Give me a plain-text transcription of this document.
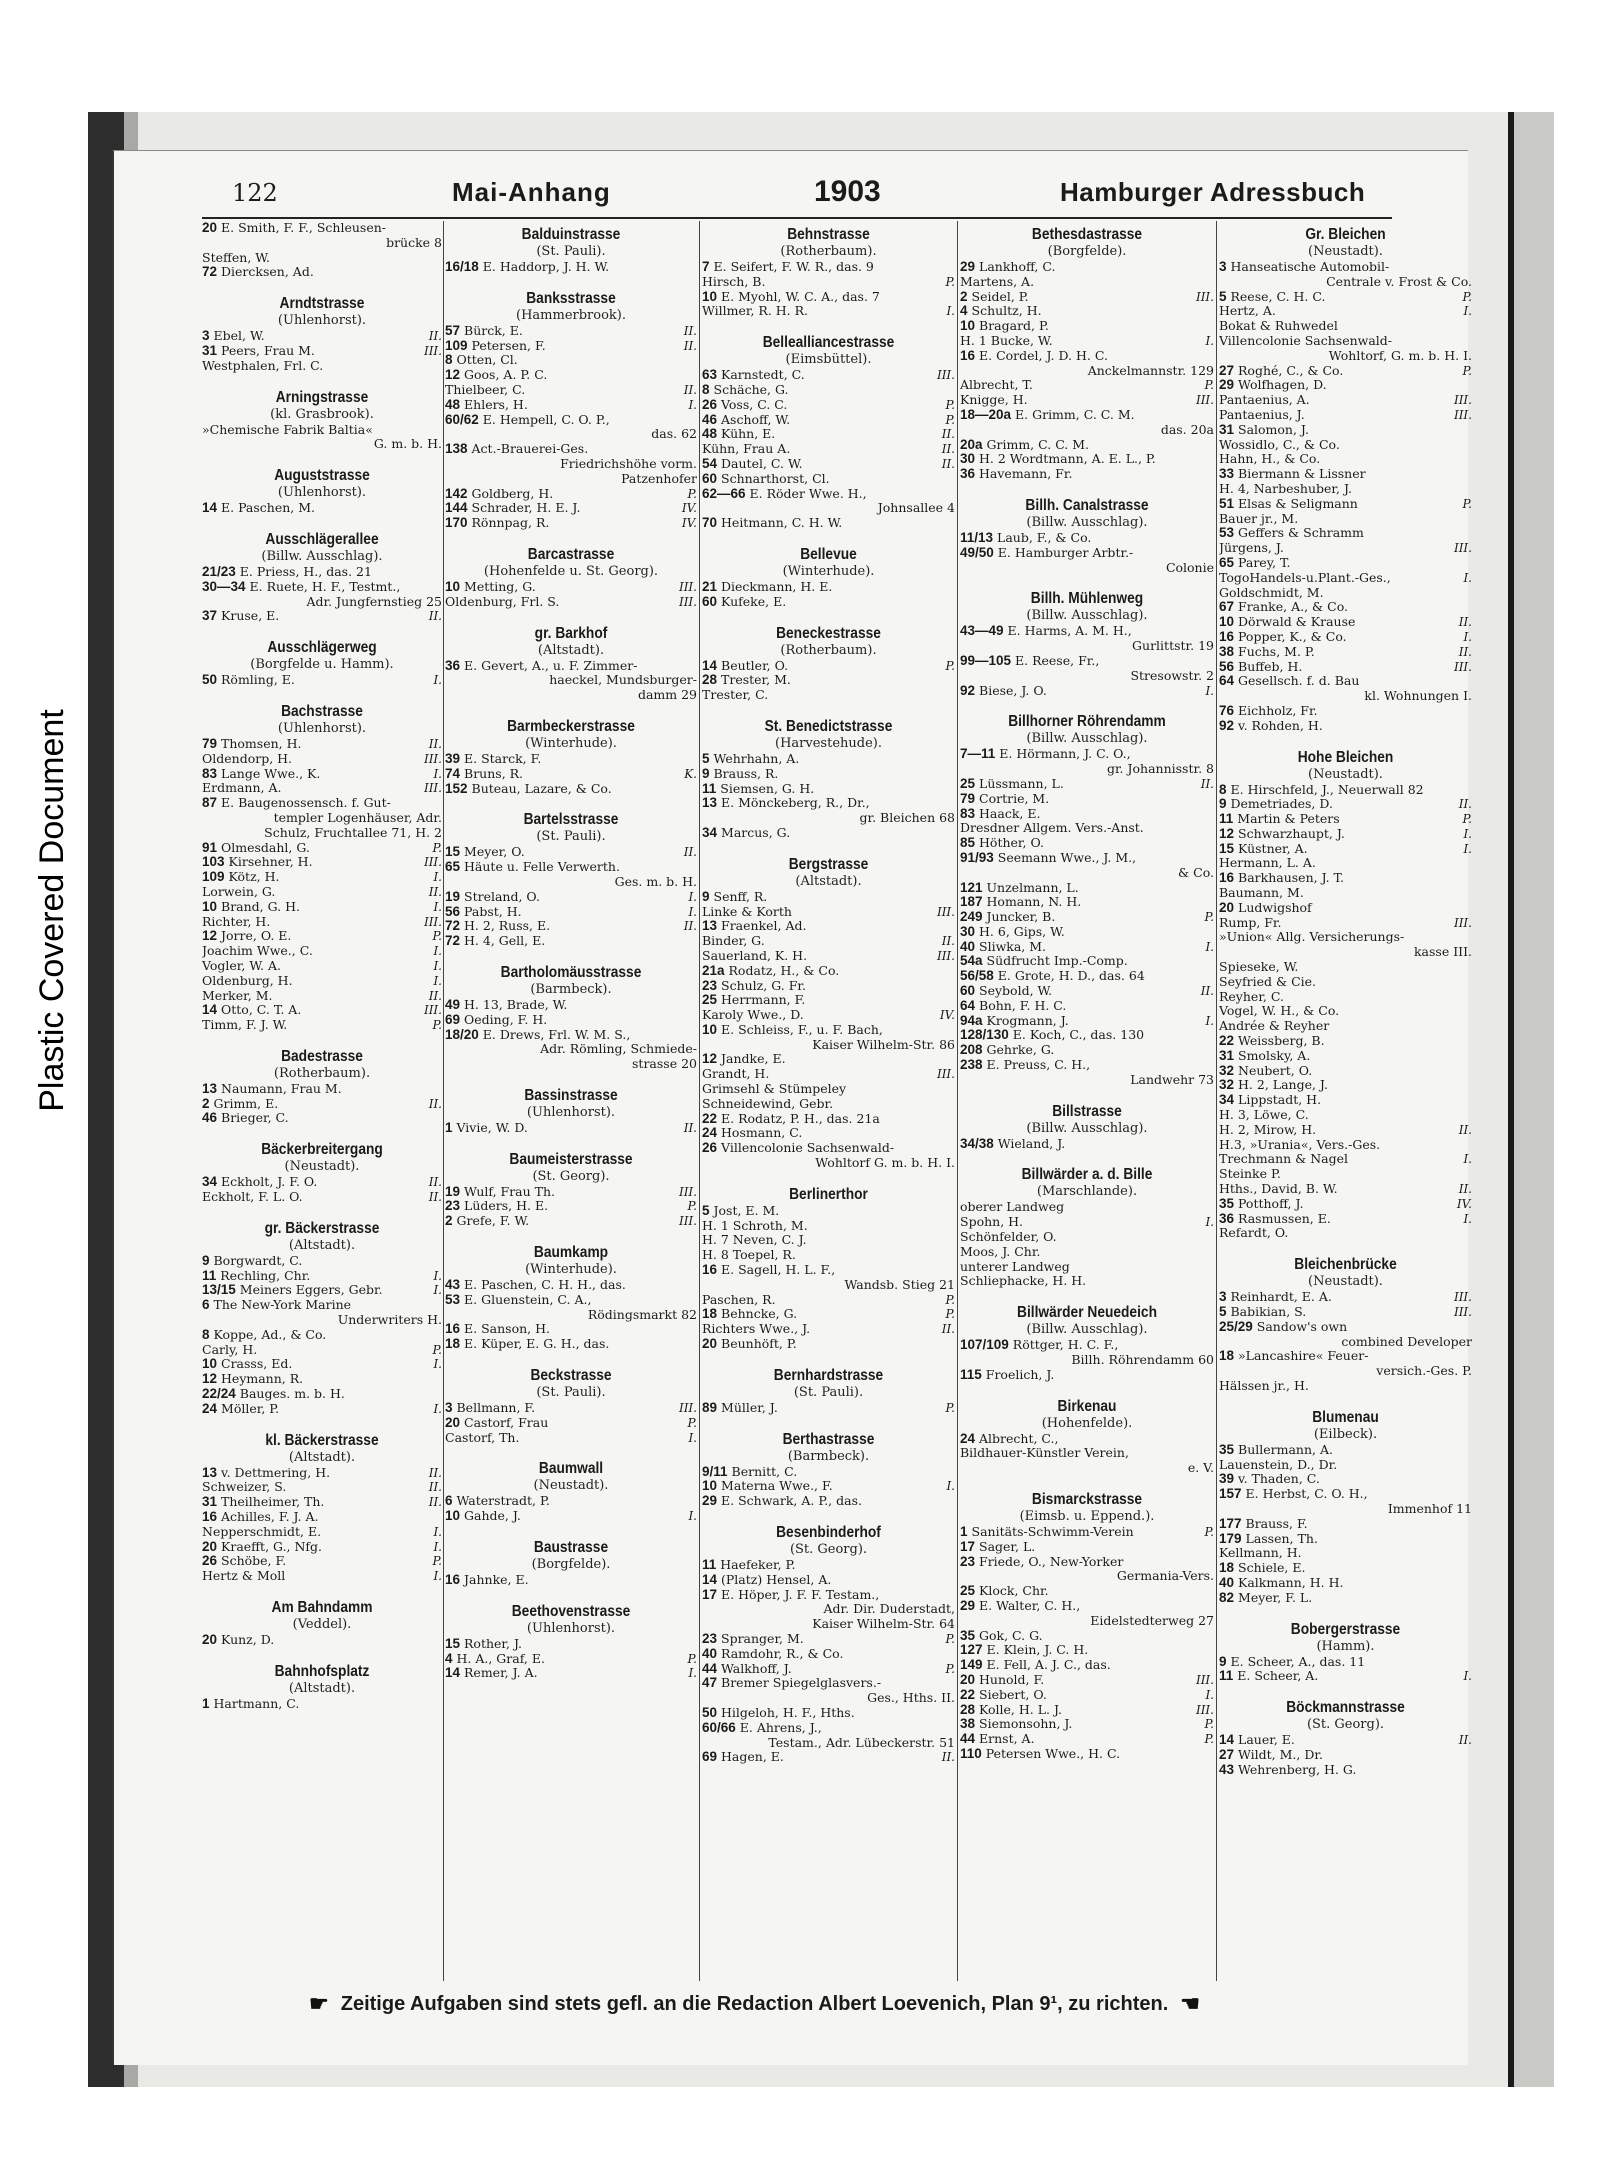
Plastic Covered Document
122	Mai-Anhang	1903	Hamburger Adressbuch
20 E. Smith, F. F., Schleusen-
brücke 8
Steffen, W.
72 Diercksen, Ad.
Arndtstrasse
(Uhlenhorst).
3 Ebel, W.	II.
31 Peers, Frau M.	III.
Westphalen, Frl. C.
Arningstrasse
(kl. Grasbrook).
»Chemische Fabrik Baltia«
G. m. b. H.
Auguststrasse
(Uhlenhorst).
14 E. Paschen, M.
Ausschlägerallee
(Billw. Ausschlag).
21/23 E. Priess, H., das. 21
30—34 E. Ruete, H. F., Testmt.,
Adr. Jungfernstieg 25
37 Kruse, E.	II.
Ausschlägerweg
(Borgfelde u. Hamm).
50 Römling, E.	I.
Bachstrasse
(Uhlenhorst).
79 Thomsen, H.	II.
Oldendorp, H.	III.
83 Lange Wwe., K.	I.
Erdmann, A.	III.
87 E. Baugenossensch. f. Gut-
templer Logenhäuser, Adr.
Schulz, Fruchtallee 71, H. 2
91 Olmesdahl, G.	P.
103 Kirsehner, H.	III.
109 Kötz, H.	I.
Lorwein, G.	II.
10 Brand, G. H.	I.
Richter, H.	III.
12 Jorre, O. E.	P.
Joachim Wwe., C.	I.
Vogler, W. A.	I.
Oldenburg, H.	I.
Merker, M.	II.
14 Otto, C. T. A.	III.
Timm, F. J. W.	P.
Badestrasse
(Rotherbaum).
13 Naumann, Frau M.
2 Grimm, E.	II.
46 Brieger, C.
Bäckerbreitergang
(Neustadt).
34 Eckholt, J. F. O.	II.
Eckholt, F. L. O.	II.
gr. Bäckerstrasse
(Altstadt).
9 Borgwardt, C.
11 Rechling, Chr.	I.
13/15 Meiners Eggers, Gebr.	I.
6 The New-York Marine
Underwriters H.
8 Koppe, Ad., & Co.
Carly, H.	P.
10 Crasss, Ed.	I.
12 Heymann, R.
22/24 Bauges. m. b. H.
24 Möller, P.	I.
kl. Bäckerstrasse
(Altstadt).
13 v. Dettmering, H.	II.
Schweizer, S.	II.
31 Theilheimer, Th.	II.
16 Achilles, F. J. A.
Nepperschmidt, E.	I.
20 Kraefft, G., Nfg.	I.
26 Schöbe, F.	P.
Hertz & Moll	I.
Am Bahndamm
(Veddel).
20 Kunz, D.
Bahnhofsplatz
(Altstadt).
1 Hartmann, C.
Balduinstrasse
(St. Pauli).
16/18 E. Haddorp, J. H. W.
Banksstrasse
(Hammerbrook).
57 Bürck, E.	II.
109 Petersen, F.	II.
8 Otten, Cl.
12 Goos, A. P. C.
Thielbeer, C.	II.
48 Ehlers, H.	I.
60/62 E. Hempell, C. O. P.,
das. 62
138 Act.-Brauerei-Ges.
Friedrichshöhe vorm.
Patzenhofer
142 Goldberg, H.	P.
144 Schrader, H. E. J.	IV.
170 Rönnpag, R.	IV.
Barcastrasse
(Hohenfelde u. St. Georg).
10 Metting, G.	III.
Oldenburg, Frl. S.	III.
gr. Barkhof
(Altstadt).
36 E. Gevert, A., u. F. Zimmer-
haeckel, Mundsburger-
damm 29
Barmbeckerstrasse
(Winterhude).
39 E. Starck, F.
74 Bruns, R.	K.
152 Buteau, Lazare, & Co.
Bartelsstrasse
(St. Pauli).
15 Meyer, O.	II.
65 Häute u. Felle Verwerth.
Ges. m. b. H.
19 Streland, O.	I.
56 Pabst, H.	I.
72 H. 2, Russ, E.	II.
72 H. 4, Gell, E.
Bartholomäusstrasse
(Barmbeck).
49 H. 13, Brade, W.
69 Oeding, F. H.
18/20 E. Drews, Frl. W. M. S.,
Adr. Römling, Schmiede-
strasse 20
Bassinstrasse
(Uhlenhorst).
1 Vivie, W. D.	II.
Baumeisterstrasse
(St. Georg).
19 Wulf, Frau Th.	III.
23 Lüders, H. E.	P.
2 Grefe, F. W.	III.
Baumkamp
(Winterhude).
43 E. Paschen, C. H. H., das.
53 E. Gluenstein, C. A.,
Rödingsmarkt 82
16 E. Sanson, H.
18 E. Küper, E. G. H., das.
Beckstrasse
(St. Pauli).
3 Bellmann, F.	III.
20 Castorf, Frau	P.
Castorf, Th.	I.
Baumwall
(Neustadt).
6 Waterstradt, P.
10 Gahde, J.	I.
Baustrasse
(Borgfelde).
16 Jahnke, E.
Beethovenstrasse
(Uhlenhorst).
15 Rother, J.
4 H. A., Graf, E.	P.
14 Remer, J. A.	I.
Behnstrasse
(Rotherbaum).
7 E. Seifert, F. W. R., das. 9
Hirsch, B.	P.
10 E. Myohl, W. C. A., das. 7
Willmer, R. H. R.	I.
Bellealliancestrasse
(Eimsbüttel).
63 Karnstedt, C.	III.
8 Schäche, G.
26 Voss, C. C.	P.
46 Aschoff, W.	P.
48 Kühn, E.	II.
Kühn, Frau A.	II.
54 Dautel, C. W.	II.
60 Schnarthorst, Cl.
62—66 E. Röder Wwe. H.,
Johnsallee 4
70 Heitmann, C. H. W.
Bellevue
(Winterhude).
21 Dieckmann, H. E.
60 Kufeke, E.
Beneckestrasse
(Rotherbaum).
14 Beutler, O.	P.
28 Trester, M.
Trester, C.
St. Benedictstrasse
(Harvestehude).
5 Wehrhahn, A.
9 Brauss, R.
11 Siemsen, G. H.
13 E. Mönckeberg, R., Dr.,
gr. Bleichen 68
34 Marcus, G.
Bergstrasse
(Altstadt).
9 Senff, R.
Linke & Korth	III.
13 Fraenkel, Ad.
Binder, G.	II.
Sauerland, K. H.	III.
21a Rodatz, H., & Co.
23 Schulz, G. Fr.
25 Herrmann, F.
Karoly Wwe., D.	IV.
10 E. Schleiss, F., u. F. Bach,
Kaiser Wilhelm-Str. 86
12 Jandke, E.
Grandt, H.	III.
Grimsehl & Stümpeley
Schneidewind, Gebr.
22 E. Rodatz, P. H., das. 21a
24 Hosmann, C.
26 Villencolonie Sachsenwald-
Wohltorf G. m. b. H. I.
Berlinerthor
5 Jost, E. M.
H. 1 Schroth, M.
H. 7 Neven, C. J.
H. 8 Toepel, R.
16 E. Sagell, H. L. F.,
Wandsb. Stieg 21
Paschen, R.	P.
18 Behncke, G.	P.
Richters Wwe., J.	II.
20 Beunhöft, P.
Bernhardstrasse
(St. Pauli).
89 Müller, J.	P.
Berthastrasse
(Barmbeck).
9/11 Bernitt, C.
10 Materna Wwe., F.	I.
29 E. Schwark, A. P., das.
Besenbinderhof
(St. Georg).
11 Haefeker, P.
14 (Platz) Hensel, A.
17 E. Höper, J. F. F. Testam.,
Adr. Dir. Duderstadt,
Kaiser Wilhelm-Str. 64
23 Spranger, M.	P.
40 Ramdohr, R., & Co.
44 Walkhoff, J.	P.
47 Bremer Spiegelglasvers.-
Ges., Hths. II.
50 Hilgeloh, H. F., Hths.
60/66 E. Ahrens, J.,
Testam., Adr. Lübeckerstr. 51
69 Hagen, E.	II.
Bethesdastrasse
(Borgfelde).
29 Lankhoff, C.
Martens, A.
2 Seidel, P.	III.
4 Schultz, H.
10 Bragard, P.
H. 1 Bucke, W.	I.
16 E. Cordel, J. D. H. C.
Anckelmannstr. 129
Albrecht, T.	P.
Knigge, H.	III.
18—20a E. Grimm, C. C. M.
das. 20a
20a Grimm, C. C. M.
30 H. 2 Wordtmann, A. E. L., P.
36 Havemann, Fr.
Billh. Canalstrasse
(Billw. Ausschlag).
11/13 Laub, F., & Co.
49/50 E. Hamburger Arbtr.-
Colonie
Billh. Mühlenweg
(Billw. Ausschlag).
43—49 E. Harms, A. M. H.,
Gurlittstr. 19
99—105 E. Reese, Fr.,
Stresowstr. 2
92 Biese, J. O.	I.
Billhorner Röhrendamm
(Billw. Ausschlag).
7—11 E. Hörmann, J. C. O.,
gr. Johannisstr. 8
25 Lüssmann, L.	II.
79 Cortrie, M.
83 Haack, E.
Dresdner Allgem. Vers.-Anst.
85 Höther, O.
91/93 Seemann Wwe., J. M.,
& Co.
121 Unzelmann, L.
187 Homann, N. H.
249 Juncker, B.	P.
30 H. 6, Gips, W.
40 Sliwka, M.	I.
54a Südfrucht Imp.-Comp.
56/58 E. Grote, H. D., das. 64
60 Seybold, W.	II.
64 Bohn, F. H. C.
94a Krogmann, J.	I.
128/130 E. Koch, C., das. 130
208 Gehrke, G.
238 E. Preuss, C. H.,
Landwehr 73
Billstrasse
(Billw. Ausschlag).
34/38 Wieland, J.
Billwärder a. d. Bille
(Marschlande).
oberer Landweg
Spohn, H.	I.
Schönfelder, O.
Moos, J. Chr.
unterer Landweg
Schliephacke, H. H.
Billwärder Neuedeich
(Billw. Ausschlag).
107/109 Röttger, H. C. F.,
Billh. Röhrendamm 60
115 Froelich, J.
Birkenau
(Hohenfelde).
24 Albrecht, C.,
Bildhauer-Künstler Verein,
e. V.
Bismarckstrasse
(Eimsb. u. Eppend.).
1 Sanitäts-Schwimm-Verein	P.
17 Sager, L.
23 Friede, O., New-Yorker
Germania-Vers.
25 Klock, Chr.
29 E. Walter, C. H.,
Eidelstedterweg 27
35 Gok, C. G.
127 E. Klein, J. C. H.
149 E. Fell, A. J. C., das.
20 Hunold, F.	III.
22 Siebert, O.	I.
28 Kolle, H. L. J.	III.
38 Siemonsohn, J.	P.
44 Ernst, A.	P.
110 Petersen Wwe., H. C.
Gr. Bleichen
(Neustadt).
3 Hanseatische Automobil-
Centrale v. Frost & Co.
5 Reese, C. H. C.	P.
Hertz, A.	I.
Bokat & Ruhwedel
Villencolonie Sachsenwald-
Wohltorf, G. m. b. H. I.
27 Roghé, C., & Co.	P.
29 Wolfhagen, D.
Pantaenius, A.	III.
Pantaenius, J.	III.
31 Salomon, J.
Wossidlo, C., & Co.
Hahn, H., & Co.
33 Biermann & Lissner
H. 4, Narbeshuber, J.
51 Elsas & Seligmann	P.
Bauer jr., M.
53 Geffers & Schramm
Jürgens, J.	III.
65 Parey, T.
TogoHandels-u.Plant.-Ges.,	I.
Goldschmidt, M.
67 Franke, A., & Co.
10 Dörwald & Krause	II.
16 Popper, K., & Co.	I.
38 Fuchs, M. P.	II.
56 Buffeb, H.	III.
64 Gesellsch. f. d. Bau
kl. Wohnungen I.
76 Eichholz, Fr.
92 v. Rohden, H.
Hohe Bleichen
(Neustadt).
8 E. Hirschfeld, J., Neuerwall 82
9 Demetriades, D.	II.
11 Martin & Peters	P.
12 Schwarzhaupt, J.	I.
15 Küstner, A.	I.
Hermann, L. A.
16 Barkhausen, J. T.
Baumann, M.
20 Ludwigshof
Rump, Fr.	III.
»Union« Allg. Versicherungs-
kasse III.
Spieseke, W.
Seyfried & Cie.
Reyher, C.
Vogel, W. H., & Co.
Andrée & Reyher
22 Weissberg, B.
31 Smolsky, A.
32 Neubert, O.
32 H. 2, Lange, J.
34 Lippstadt, H.
H. 3, Löwe, C.
H. 2, Mirow, H.	II.
H.3, »Urania«, Vers.-Ges.
Trechmann & Nagel	I.
Steinke P.
Hths., David, B. W.	II.
35 Potthoff, J.	IV.
36 Rasmussen, E.	I.
Refardt, O.
Bleichenbrücke
(Neustadt).
3 Reinhardt, E. A.	III.
5 Babikian, S.	III.
25/29 Sandow's own
combined Developer
18 »Lancashire« Feuer-
versich.-Ges. P.
Hälssen jr., H.
Blumenau
(Eilbeck).
35 Bullermann, A.
Lauenstein, D., Dr.
39 v. Thaden, C.
157 E. Herbst, C. O. H.,
Immenhof 11
177 Brauss, F.
179 Lassen, Th.
Kellmann, H.
18 Schiele, E.
40 Kalkmann, H. H.
82 Meyer, F. L.
Bobergerstrasse
(Hamm).
9 E. Scheer, A., das. 11
11 E. Scheer, A.	I.
Böckmannstrasse
(St. Georg).
14 Lauer, E.	II.
27 Wildt, M., Dr.
43 Wehrenberg, H. G.
☛ Zeitige Aufgaben sind stets gefl. an die Redaction Albert Loevenich, Plan 9¹, zu richten. ☚
